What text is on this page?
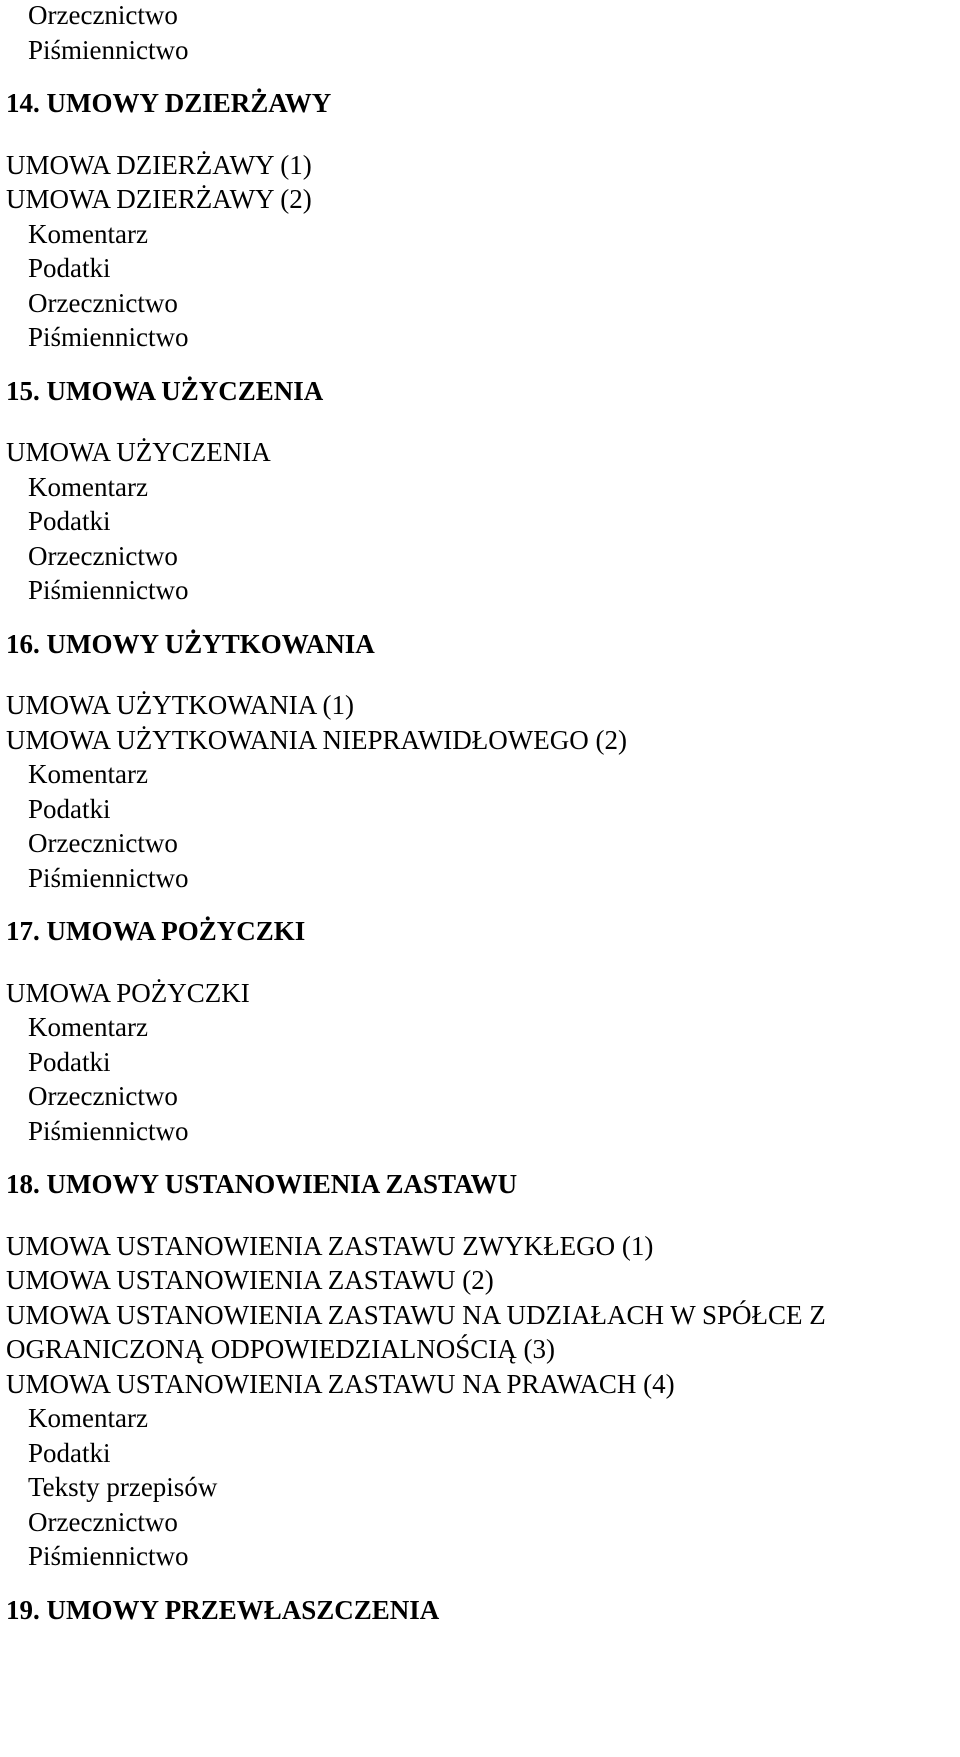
Orzecznictwo
Piśmiennictwo
14. UMOWY DZIERŻAWY
UMOWA DZIERŻAWY (1)
UMOWA DZIERŻAWY (2)
Komentarz
Podatki
Orzecznictwo
Piśmiennictwo
15. UMOWA UŻYCZENIA
UMOWA UŻYCZENIA
Komentarz
Podatki
Orzecznictwo
Piśmiennictwo
16. UMOWY UŻYTKOWANIA
UMOWA UŻYTKOWANIA (1)
UMOWA UŻYTKOWANIA NIEPRAWIDŁOWEGO (2)
Komentarz
Podatki
Orzecznictwo
Piśmiennictwo
17. UMOWA POŻYCZKI
UMOWA POŻYCZKI
Komentarz
Podatki
Orzecznictwo
Piśmiennictwo
18. UMOWY USTANOWIENIA ZASTAWU
UMOWA USTANOWIENIA ZASTAWU ZWYKŁEGO (1)
UMOWA USTANOWIENIA ZASTAWU (2)
UMOWA USTANOWIENIA ZASTAWU NA UDZIAŁACH W SPÓŁCE Z
OGRANICZONĄ ODPOWIEDZIALNOŚCIĄ (3)
UMOWA USTANOWIENIA ZASTAWU NA PRAWACH (4)
Komentarz
Podatki
Teksty przepisów
Orzecznictwo
Piśmiennictwo
19. UMOWY PRZEWŁASZCZENIA
